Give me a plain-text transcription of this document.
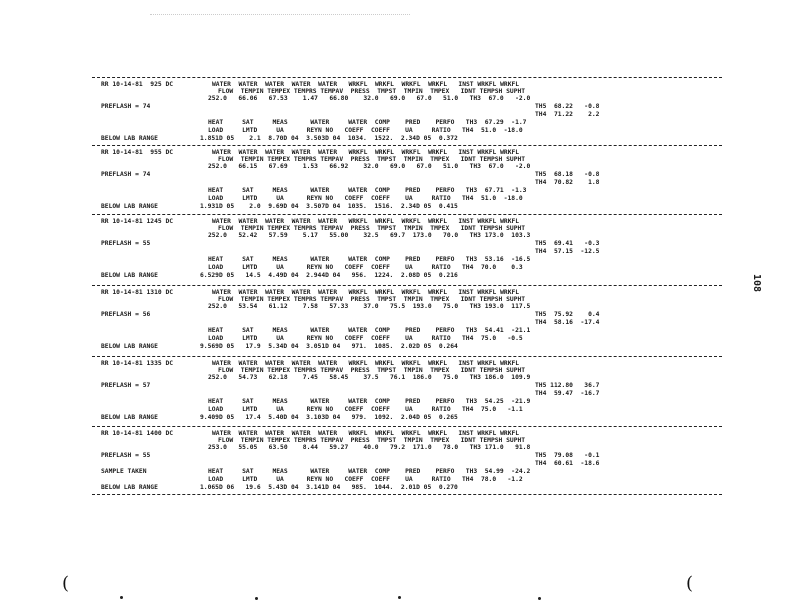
108
RR 10-14-81  925 DC	WATER  WATER  WATER  WATER  WATER   WRKFL  WRKFL  WRKFL  WRKFL   INST WRKFL WRKFL
FLOW  TEMPIN TEMPEX TEMPRS TEMPAV  PRESS  TMPST  TMPIN  TMPEX   IDNT TEMPSH SUPHT
252.0   66.06   67.53    1.47   66.80    32.0   69.0   67.0   51.0   TH3  67.0   -2.0
PREFLASH = 74	TH5  68.22   -0.8
TH4  71.22    2.2
HEAT     SAT     MEAS      WATER     WATER  COMP    PRED    PERFO   TH3  67.29  -1.7
LOAD     LMTD     UA      REYN NO   COEFF  COEFF    UA     RATIO   TH4  51.0  -18.0
BELOW LAB RANGE	1.851D 05    2.1  8.70D 04  3.503D 04  1034.  1522.  2.34D 05  0.372
RR 10-14-81  955 DC	WATER  WATER  WATER  WATER  WATER   WRKFL  WRKFL  WRKFL  WRKFL   INST WRKFL WRKFL
FLOW  TEMPIN TEMPEX TEMPRS TEMPAV  PRESS  TMPST  TMPIN  TMPEX   IDNT TEMPSH SUPHT
252.0   66.15   67.69    1.53   66.92    32.0   69.0   67.0   51.0   TH3  67.0   -2.0
PREFLASH = 74	TH5  68.18   -0.8
TH4  70.82    1.8
HEAT     SAT     MEAS      WATER     WATER  COMP    PRED    PERFO   TH3  67.71  -1.3
LOAD     LMTD     UA      REYN NO   COEFF  COEFF    UA     RATIO   TH4  51.0  -18.0
BELOW LAB RANGE	1.931D 05    2.0  9.69D 04  3.507D 04  1035.  1516.  2.34D 05  0.415
RR 10-14-81 1245 DC	WATER  WATER  WATER  WATER  WATER   WRKFL  WRKFL  WRKFL  WRKFL   INST WRKFL WRKFL
FLOW  TEMPIN TEMPEX TEMPRS TEMPAV  PRESS  TMPST  TMPIN  TMPEX   IDNT TEMPSH SUPHT
252.0   52.42   57.59    5.17   55.00    32.5   69.7  173.0   70.0   TH3 173.0  103.3
PREFLASH = 55	TH5  69.41   -0.3
TH4  57.15  -12.5
HEAT     SAT     MEAS      WATER     WATER  COMP    PRED    PERFO   TH3  53.16  -16.5
LOAD     LMTD     UA      REYN NO   COEFF  COEFF    UA     RATIO   TH4  70.0    0.3
BELOW LAB RANGE	6.529D 05   14.5  4.49D 04  2.944D 04   956.  1224.  2.08D 05  0.216
RR 10-14-81 1310 DC	WATER  WATER  WATER  WATER  WATER   WRKFL  WRKFL  WRKFL  WRKFL   INST WRKFL WRKFL
FLOW  TEMPIN TEMPEX TEMPRS TEMPAV  PRESS  TMPST  TMPIN  TMPEX   IDNT TEMPSH SUPHT
252.0   53.54   61.12    7.58   57.33    37.0   75.5  193.0   75.0   TH3 193.0  117.5
PREFLASH = 56	TH5  75.92    0.4
TH4  58.16  -17.4
HEAT     SAT     MEAS      WATER     WATER  COMP    PRED    PERFO   TH3  54.41  -21.1
LOAD     LMTD     UA      REYN NO   COEFF  COEFF    UA     RATIO   TH4  75.0   -0.5
BELOW LAB RANGE	9.569D 05   17.9  5.34D 04  3.051D 04   971.  1085.  2.02D 05  0.264
RR 10-14-81 1335 DC	WATER  WATER  WATER  WATER  WATER   WRKFL  WRKFL  WRKFL  WRKFL   INST WRKFL WRKFL
FLOW  TEMPIN TEMPEX TEMPRS TEMPAV  PRESS  TMPST  TMPIN  TMPEX   IDNT TEMPSH SUPHT
252.0   54.73   62.18    7.45   58.45    37.5   76.1  186.0   75.0   TH3 186.0  109.9
PREFLASH = 57	TH5 112.80   36.7
TH4  59.47  -16.7
HEAT     SAT     MEAS      WATER     WATER  COMP    PRED    PERFO   TH3  54.25  -21.9
LOAD     LMTD     UA      REYN NO   COEFF  COEFF    UA     RATIO   TH4  75.0   -1.1
BELOW LAB RANGE	9.409D 05   17.4  5.40D 04  3.103D 04   979.  1092.  2.04D 05  0.265
RR 10-14-81 1400 DC	WATER  WATER  WATER  WATER  WATER   WRKFL  WRKFL  WRKFL  WRKFL   INST WRKFL WRKFL
FLOW  TEMPIN TEMPEX TEMPRS TEMPAV  PRESS  TMPST  TMPIN  TMPEX   IDNT TEMPSH SUPHT
253.0   55.05   63.50    8.44   59.27    40.0   79.2  171.0   78.0   TH3 171.0   91.8
PREFLASH = 55	TH5  79.08   -0.1
TH4  60.61  -18.6
SAMPLE TAKEN	HEAT     SAT     MEAS      WATER     WATER  COMP    PRED    PERFO   TH3  54.99  -24.2
LOAD     LMTD     UA      REYN NO   COEFF  COEFF    UA     RATIO   TH4  78.0   -1.2
BELOW LAB RANGE	1.065D 06   19.6  5.43D 04  3.141D 04   985.  1044.  2.01D 05  0.270
(	(
